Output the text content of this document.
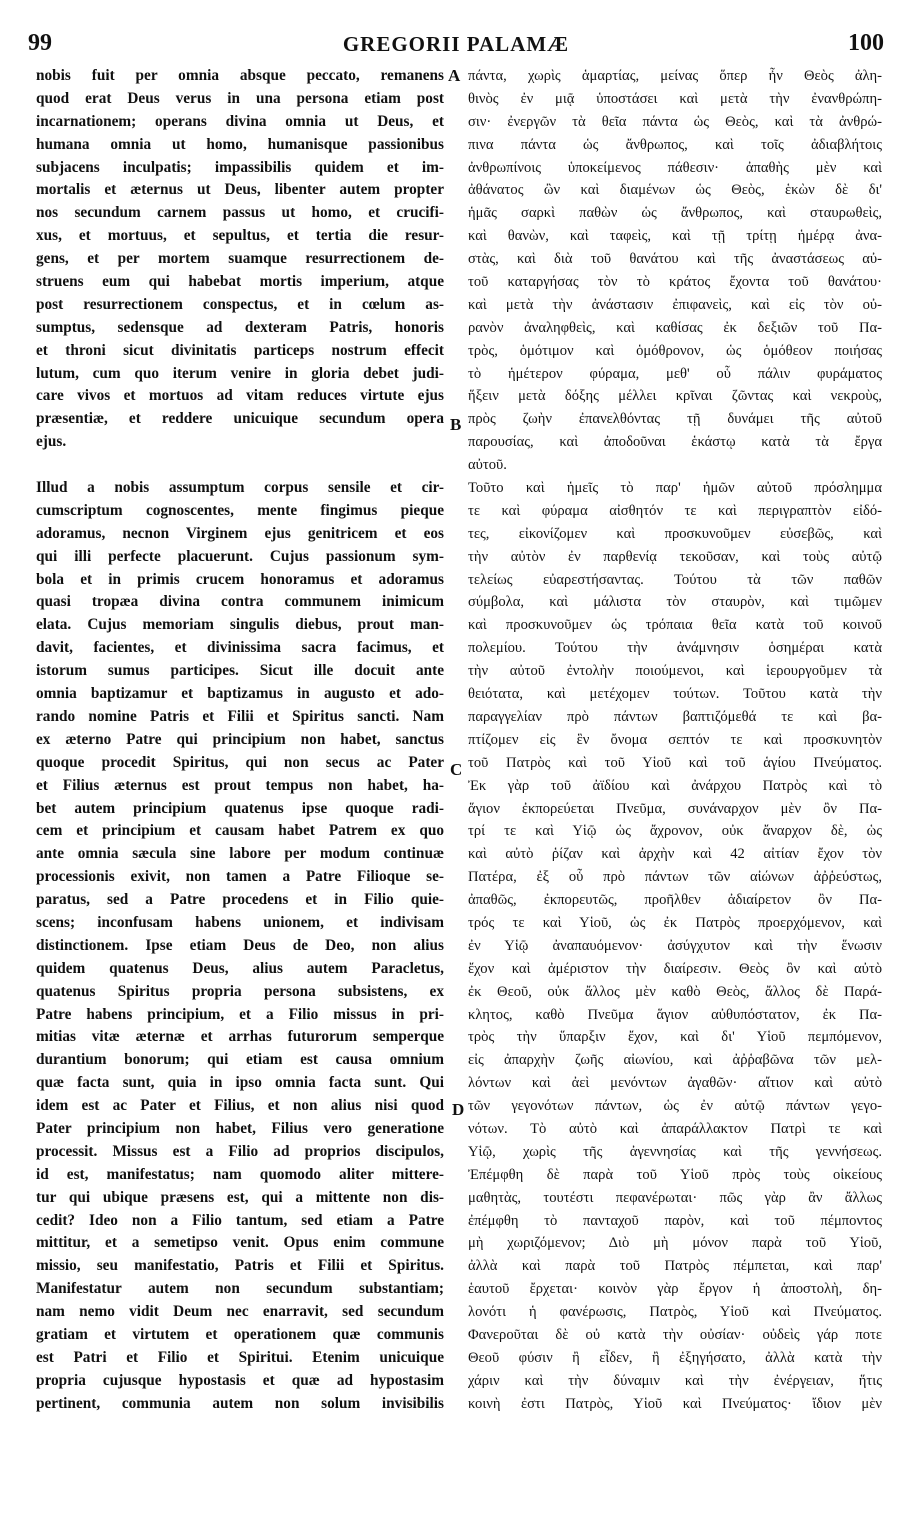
99	GREGORII PALAMÆ	100
nobis fuit per omnia absque peccato, remanens
quod erat Deus verus in una persona etiam post
incarnationem; operans divina omnia ut Deus, et
humana omnia ut homo, humanisque passionibus
subjacens inculpatis; impassibilis quidem et im-
mortalis et æternus ut Deus, libenter autem propter
nos secundum carnem passus ut homo, et crucifi-
xus, et mortuus, et sepultus, et tertia die resur-
gens, et per mortem suamque resurrectionem de-
struens eum qui habebat mortis imperium, atque
post resurrectionem conspectus, et in cœlum as-
sumptus, sedensque ad dexteram Patris, honoris
et throni sicut divinitatis particeps nostrum effecit
lutum, cum quo iterum venire in gloria debet judi-
care vivos et mortuos ad vitam reduces virtute ejus
præsentiæ, et reddere unicuique secundum opera
ejus.
Illud a nobis assumptum corpus sensile et cir-
cumscriptum cognoscentes, mente fingimus pieque
adoramus, necnon Virginem ejus genitricem et eos
qui illi perfecte placuerunt. Cujus passionum sym-
bola et in primis crucem honoramus et adoramus
quasi tropæa divina contra communem inimicum
elata. Cujus memoriam singulis diebus, prout man-
davit, facientes, et divinissima sacra facimus, et
istorum sumus participes. Sicut ille docuit ante
omnia baptizamur et baptizamus in augusto et ado-
rando nomine Patris et Filii et Spiritus sancti. Nam
ex æterno Patre qui principium non habet, sanctus
quoque procedit Spiritus, qui non secus ac Pater
et Filius æternus est prout tempus non habet, ha-
bet autem principium quatenus ipse quoque radi-
cem et principium et causam habet Patrem ex quo
ante omnia sæcula sine labore per modum continuæ
processionis exivit, non tamen a Patre Filioque se-
paratus, sed a Patre procedens et in Filio quie-
scens; inconfusam habens unionem, et indivisam
distinctionem. Ipse etiam Deus de Deo, non alius
quidem quatenus Deus, alius autem Paracletus,
quatenus Spiritus propria persona subsistens, ex
Patre habens principium, et a Filio missus in pri-
mitias vitæ æternæ et arrhas futurorum semperque
durantium bonorum; qui etiam est causa omnium
quæ facta sunt, quia in ipso omnia facta sunt. Qui
idem est ac Pater et Filius, et non alius nisi quod
Pater principium non habet, Filius vero generatione
processit. Missus est a Filio ad proprios discipulos,
id est, manifestatus; nam quomodo aliter mittere-
tur qui ubique præsens est, qui a mittente non dis-
cedit? Ideo non a Filio tantum, sed etiam a Patre
mittitur, et a semetipso venit. Opus enim commune
missio, seu manifestatio, Patris et Filii et Spiritus.
Manifestatur autem non secundum substantiam;
nam nemo vidit Deum nec enarravit, sed secundum
gratiam et virtutem et operationem quæ communis
est Patri et Filio et Spiritui. Etenim unicuique
propria cujusque hypostasis et quæ ad hypostasim
pertinent, communia autem non solum invisibilis
πάντα, χωρὶς ἁμαρτίας, μείνας ὅπερ ἦν Θεὸς ἀλη-
θινὸς ἐν μιᾷ ὑποστάσει καὶ μετὰ τὴν ἐνανθρώπη-
σιν· ἐνεργῶν τὰ θεῖα πάντα ὡς Θεὸς, καὶ τὰ ἀνθρώ-
πινα πάντα ὡς ἄνθρωπος, καὶ τοῖς ἀδιαβλήτοις
ἀνθρωπίνοις ὑποκείμενος πάθεσιν· ἀπαθὴς μὲν καὶ
ἀθάνατος ὢν καὶ διαμένων ὡς Θεὸς, ἑκὼν δὲ δι'
ἡμᾶς σαρκὶ παθὼν ὡς ἄνθρωπος, καὶ σταυρωθεὶς,
καὶ θανὼν, καὶ ταφεὶς, καὶ τῇ τρίτῃ ἡμέρᾳ ἀνα-
στὰς, καὶ διὰ τοῦ θανάτου καὶ τῆς ἀναστάσεως αὐ-
τοῦ καταργήσας τὸν τὸ κράτος ἔχοντα τοῦ θανάτου·
καὶ μετὰ τὴν ἀνάστασιν ἐπιφανεὶς, καὶ εἰς τὸν οὐ-
ρανὸν ἀναληφθεὶς, καὶ καθίσας ἐκ δεξιῶν τοῦ Πα-
τρὸς, ὁμότιμον καὶ ὁμόθρονον, ὡς ὁμόθεον ποιήσας
τὸ ἡμέτερον φύραμα, μεθ' οὗ πάλιν φυράματος
ἥξειν μετὰ δόξης μέλλει κρῖναι ζῶντας καὶ νεκροὺς,
πρὸς ζωὴν ἐπανελθόντας τῇ δυνάμει τῆς αὐτοῦ
παρουσίας, καὶ ἀποδοῦναι ἑκάστῳ κατὰ τὰ ἔργα
αὐτοῦ.
Τοῦτο καὶ ἡμεῖς τὸ παρ' ἡμῶν αὐτοῦ πρόσλημμα
τε καὶ φύραμα αἰσθητόν τε καὶ περιγραπτὸν εἰδό-
τες, εἰκονίζομεν καὶ προσκυνοῦμεν εὐσεβῶς, καὶ
τὴν αὐτὸν ἐν παρθενίᾳ τεκοῦσαν, καὶ τοὺς αὐτῷ
τελείως εὐαρεστήσαντας. Τούτου τὰ τῶν παθῶν
σύμβολα, καὶ μάλιστα τὸν σταυρὸν, καὶ τιμῶμεν
καὶ προσκυνοῦμεν ὡς τρόπαια θεῖα κατὰ τοῦ κοινοῦ
πολεμίου. Τούτου τὴν ἀνάμνησιν ὁσημέραι κατὰ
τὴν αὐτοῦ ἐντολὴν ποιούμενοι, καὶ ἱερουργοῦμεν τὰ
θειότατα, καὶ μετέχομεν τούτων. Τοῦτου κατὰ τὴν
παραγγελίαν πρὸ πάντων βαπτιζόμεθά τε καὶ βα-
πτίζομεν εἰς ἓν ὄνομα σεπτόν τε καὶ προσκυνητὸν
τοῦ Πατρὸς καὶ τοῦ Υἱοῦ καὶ τοῦ ἁγίου Πνεύματος.
Ἐκ γὰρ τοῦ ἀϊδίου καὶ ἀνάρχου Πατρὸς καὶ τὸ
ἅγιον ἐκπορεύεται Πνεῦμα, συνάναρχον μὲν ὂν Πα-
τρί τε καὶ Υἱῷ ὡς ἄχρονον, οὐκ ἄναρχον δὲ, ὡς
καὶ αὐτὸ ῥίζαν καὶ ἀρχὴν καὶ 42 αἰτίαν ἔχον τὸν
Πατέρα, ἐξ οὗ πρὸ πάντων τῶν αἰώνων ἀῤῥεύστως,
ἀπαθῶς, ἐκπορευτῶς, προῆλθεν ἀδιαίρετον ὂν Πα-
τρός τε καὶ Υἱοῦ, ὡς ἐκ Πατρὸς προερχόμενον, καὶ
ἐν Υἱῷ ἀναπαυόμενον· ἀσύγχυτον καὶ τὴν ἕνωσιν
ἔχον καὶ ἀμέριστον τὴν διαίρεσιν. Θεὸς ὂν καὶ αὐτὸ
ἐκ Θεοῦ, οὐκ ἄλλος μὲν καθὸ Θεὸς, ἄλλος δὲ Παρά-
κλητος, καθὸ Πνεῦμα ἅγιον αὐθυπόστατον, ἐκ Πα-
τρὸς τὴν ὕπαρξιν ἔχον, καὶ δι' Υἱοῦ πεμπόμενον,
εἰς ἀπαρχὴν ζωῆς αἰωνίου, καὶ ἀῤῥαβῶνα τῶν μελ-
λόντων καὶ ἀεὶ μενόντων ἀγαθῶν· αἴτιον καὶ αὐτὸ
τῶν γεγονότων πάντων, ὡς ἐν αὐτῷ πάντων γεγο-
νότων. Τὸ αὐτὸ καὶ ἀπαράλλακτον Πατρὶ τε καὶ
Υἱῷ, χωρὶς τῆς ἀγεννησίας καὶ τῆς γεννήσεως.
Ἐπέμφθη δὲ παρὰ τοῦ Υἱοῦ πρὸς τοὺς οἰκείους
μαθητὰς, τουτέστι πεφανέρωται· πῶς γὰρ ἂν ἄλλως
ἐπέμφθη τὸ πανταχοῦ παρὸν, καὶ τοῦ πέμποντος
μὴ χωριζόμενον; Διὸ μὴ μόνον παρὰ τοῦ Υἱοῦ,
ἀλλὰ καὶ παρὰ τοῦ Πατρὸς πέμπεται, καὶ παρ'
ἑαυτοῦ ἔρχεται· κοινὸν γὰρ ἔργον ἡ ἀποστολὴ, δη-
λονότι ἡ φανέρωσις, Πατρὸς, Υἱοῦ καὶ Πνεύματος.
Φανεροῦται δὲ οὐ κατὰ τὴν οὐσίαν· οὐδεὶς γάρ ποτε
Θεοῦ φύσιν ἢ εἶδεν, ἢ ἐξηγήσατο, ἀλλὰ κατὰ τὴν
χάριν καὶ τὴν δύναμιν καὶ τὴν ἐνέργειαν, ἥτις
κοινὴ ἐστι Πατρὸς, Υἱοῦ καὶ Πνεύματος· ἴδιον μὲν
A
B
C
D
